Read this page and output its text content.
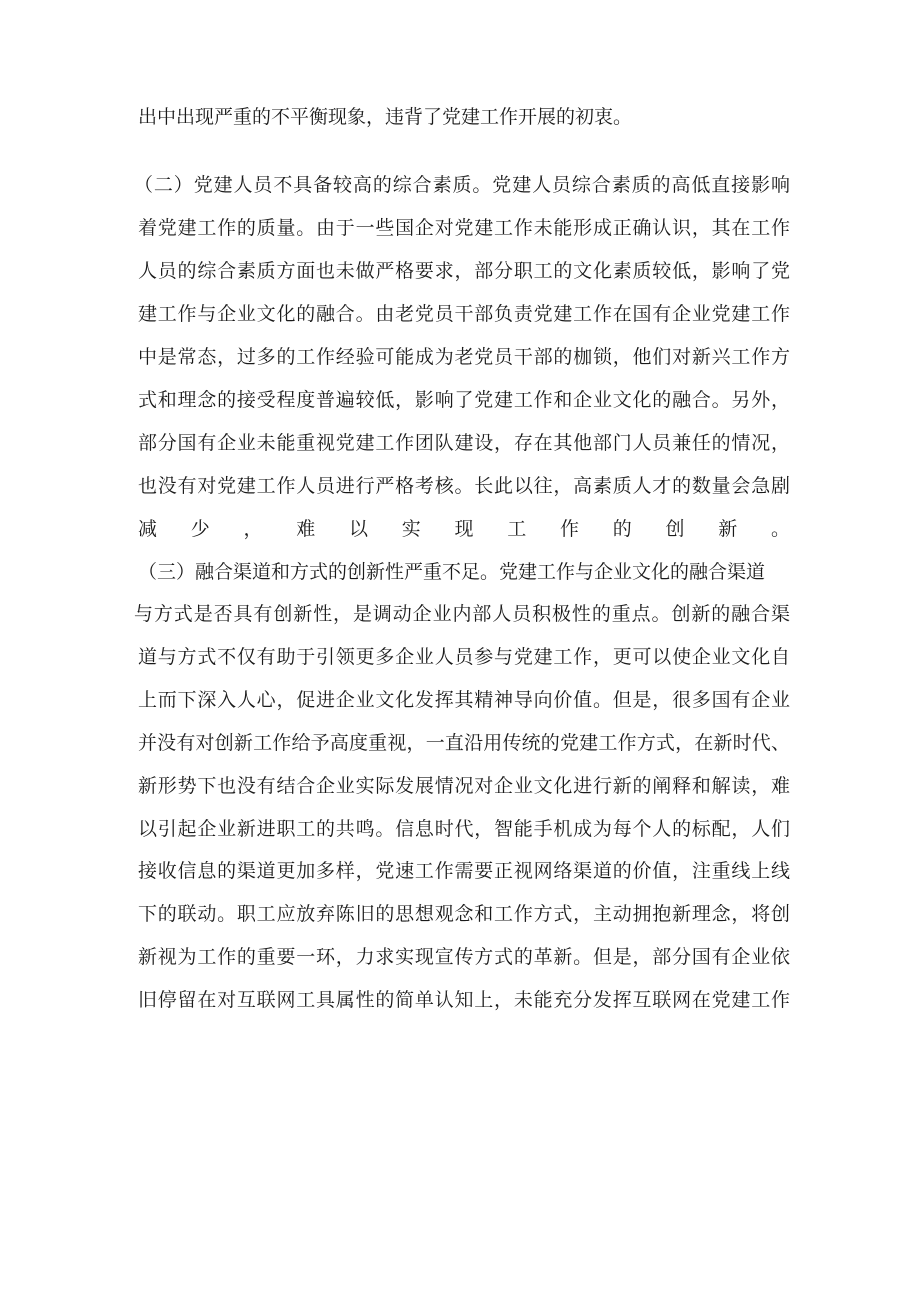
出中出现严重的不平衡现象，违背了党建工作开展的初衷。
（二）党建人员不具备较高的综合素质。党建人员综合素质的高低直接影响
着党建工作的质量。由于一些国企对党建工作未能形成正确认识，其在工作
人员的综合素质方面也未做严格要求，部分职工的文化素质较低，影响了党
建工作与企业文化的融合。由老党员干部负责党建工作在国有企业党建工作
中是常态，过多的工作经验可能成为老党员干部的枷锁，他们对新兴工作方
式和理念的接受程度普遍较低，影响了党建工作和企业文化的融合。另外，
部分国有企业未能重视党建工作团队建设，存在其他部门人员兼任的情况，
也没有对党建工作人员进行严格考核。长此以往，高素质人才的数量会急剧
减少，难以实现工作的创新。
（三）融合渠道和方式的创新性严重不足。党建工作与企业文化的融合渠道
与方式是否具有创新性，是调动企业内部人员积极性的重点。创新的融合渠
道与方式不仅有助于引领更多企业人员参与党建工作，更可以使企业文化自
上而下深入人心，促进企业文化发挥其精神导向价值。但是，很多国有企业
并没有对创新工作给予高度重视，一直沿用传统的党建工作方式，在新时代、
新形势下也没有结合企业实际发展情况对企业文化进行新的阐释和解读，难
以引起企业新进职工的共鸣。信息时代，智能手机成为每个人的标配，人们
接收信息的渠道更加多样，党速工作需要正视网络渠道的价值，注重线上线
下的联动。职工应放弃陈旧的思想观念和工作方式，主动拥抱新理念，将创
新视为工作的重要一环，力求实现宣传方式的革新。但是，部分国有企业依
旧停留在对互联网工具属性的简单认知上，未能充分发挥互联网在党建工作
